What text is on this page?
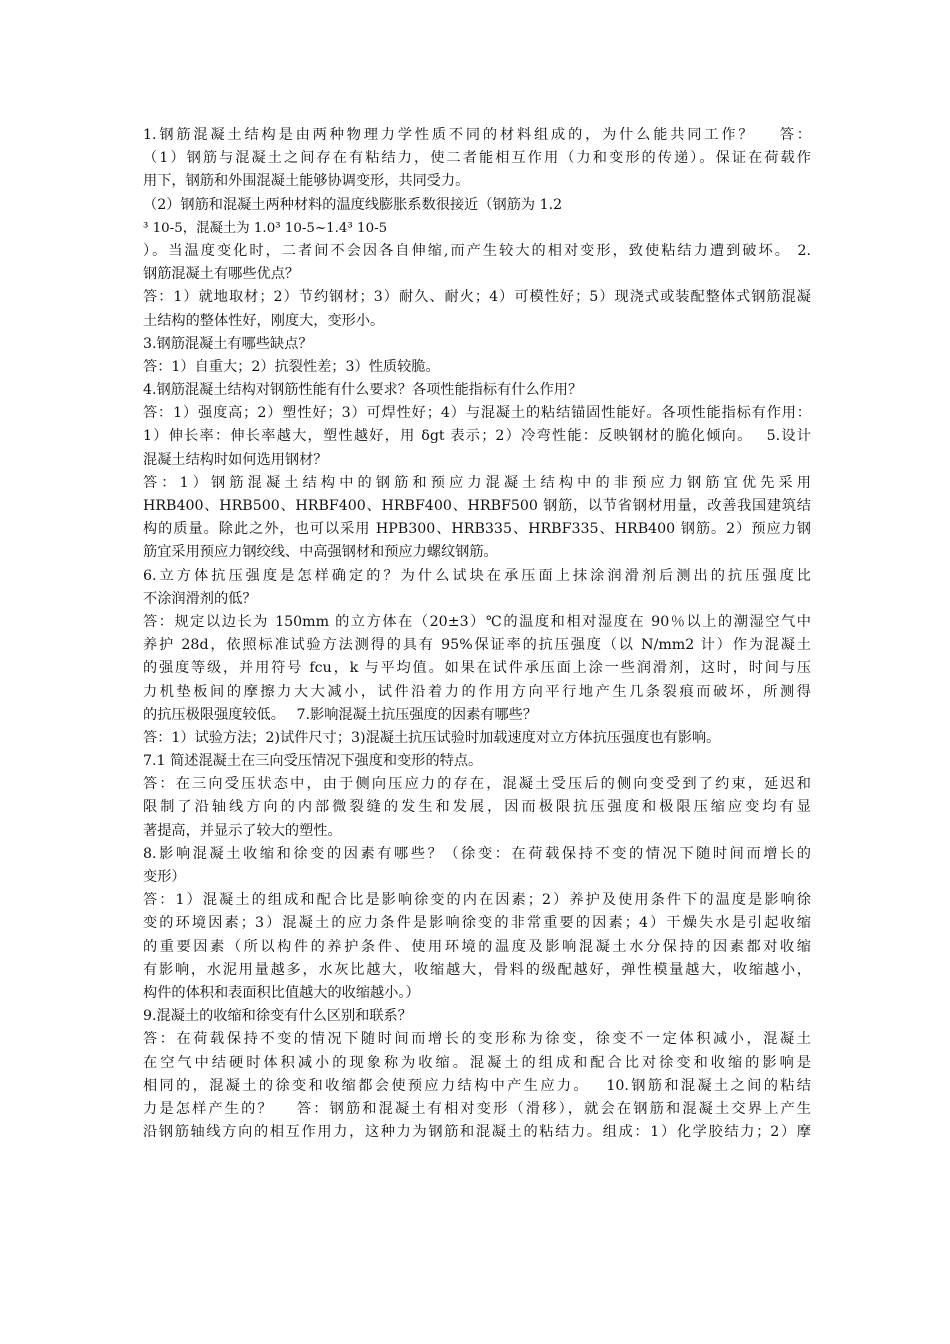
1.钢筋混凝土结构是由两种物理力学性质不同的材料组成的，为什么能共同工作？　 答：
（1）钢筋与混凝土之间存在有粘结力，使二者能相互作用（力和变形的传递）。保证在荷载作
用下，钢筋和外围混凝土能够协调变形，共同受力。
（2）钢筋和混凝土两种材料的温度线膨胀系数很接近（钢筋为 1.2
³ 10-5，混凝土为 1.0³ 10-5~1.4³ 10-5
）。当温度变化时，二者间不会因各自伸缩,而产生较大的相对变形，致使粘结力遭到破坏。 2.
钢筋混凝土有哪些优点？
答：1）就地取材；2）节约钢材；3）耐久、耐火；4）可模性好；5）现浇式或装配整体式钢筋混凝
土结构的整体性好，刚度大，变形小。
3.钢筋混凝土有哪些缺点？
答：1）自重大；2）抗裂性差；3）性质较脆。
4.钢筋混凝土结构对钢筋性能有什么要求？各项性能指标有什么作用？
答：1）强度高；2）塑性好；3）可焊性好；4）与混凝土的粘结锚固性能好。各项性能指标有作用：
1）伸长率：伸长率越大，塑性越好，用 δgt 表示；2）冷弯性能：反映钢材的脆化倾向。　 5.设计
混凝土结构时如何选用钢材？
答：1）钢筋混凝土结构中的钢筋和预应力混凝土结构中的非预应力钢筋宜优先采用
HRB400、HRB500、HRBF400、HRBF400、HRBF500 钢筋，以节省钢材用量，改善我国建筑结
构的质量。除此之外，也可以采用 HPB300、HRB335、HRBF335、HRB400 钢筋。2）预应力钢
筋宜采用预应力钢绞线、中高强钢材和预应力螺纹钢筋。
6.立方体抗压强度是怎样确定的？为什么试块在承压面上抹涂润滑剂后测出的抗压强度比
不涂润滑剂的低？
答：规定以边长为 150mm 的立方体在（20±3）℃的温度和相对湿度在 90％以上的潮湿空气中
养护 28d，依照标准试验方法测得的具有 95%保证率的抗压强度（以 N/mm2 计）作为混凝土
的强度等级，并用符号 fcu，k 与平均值。如果在试件承压面上涂一些润滑剂，这时，时间与压
力机垫板间的摩擦力大大减小，试件沿着力的作用方向平行地产生几条裂痕而破坏，所测得
的抗压极限强度较低。　 7.影响混凝土抗压强度的因素有哪些？
答：1）试验方法；2)试件尺寸；3)混凝土抗压试验时加载速度对立方体抗压强度也有影响。
7.1 简述混凝土在三向受压情况下强度和变形的特点。
答：在三向受压状态中，由于侧向压应力的存在，混凝土受压后的侧向变受到了约束，延迟和
限制了沿轴线方向的内部微裂缝的发生和发展，因而极限抗压强度和极限压缩应变均有显
著提高，并显示了较大的塑性。
8.影响混凝土收缩和徐变的因素有哪些？（徐变：在荷载保持不变的情况下随时间而增长的
变形）
答：1）混凝土的组成和配合比是影响徐变的内在因素；2）养护及使用条件下的温度是影响徐
变的环境因素；3）混凝土的应力条件是影响徐变的非常重要的因素；4）干燥失水是引起收缩
的重要因素（所以构件的养护条件、使用环境的温度及影响混凝土水分保持的因素都对收缩
有影响，水泥用量越多，水灰比越大，收缩越大，骨料的级配越好，弹性模量越大，收缩越小，
构件的体积和表面积比值越大的收缩越小。）
9.混凝土的收缩和徐变有什么区别和联系？
答：在荷载保持不变的情况下随时间而增长的变形称为徐变，徐变不一定体积减小，混凝土
在空气中结硬时体积减小的现象称为收缩。混凝土的组成和配合比对徐变和收缩的影响是
相同的，混凝土的徐变和收缩都会使预应力结构中产生应力。　 10.钢筋和混凝土之间的粘结
力是怎样产生的？　 答：钢筋和混凝土有相对变形（滑移），就会在钢筋和混凝土交界上产生
沿钢筋轴线方向的相互作用力，这种力为钢筋和混凝土的粘结力。组成：1）化学胶结力；2）摩
